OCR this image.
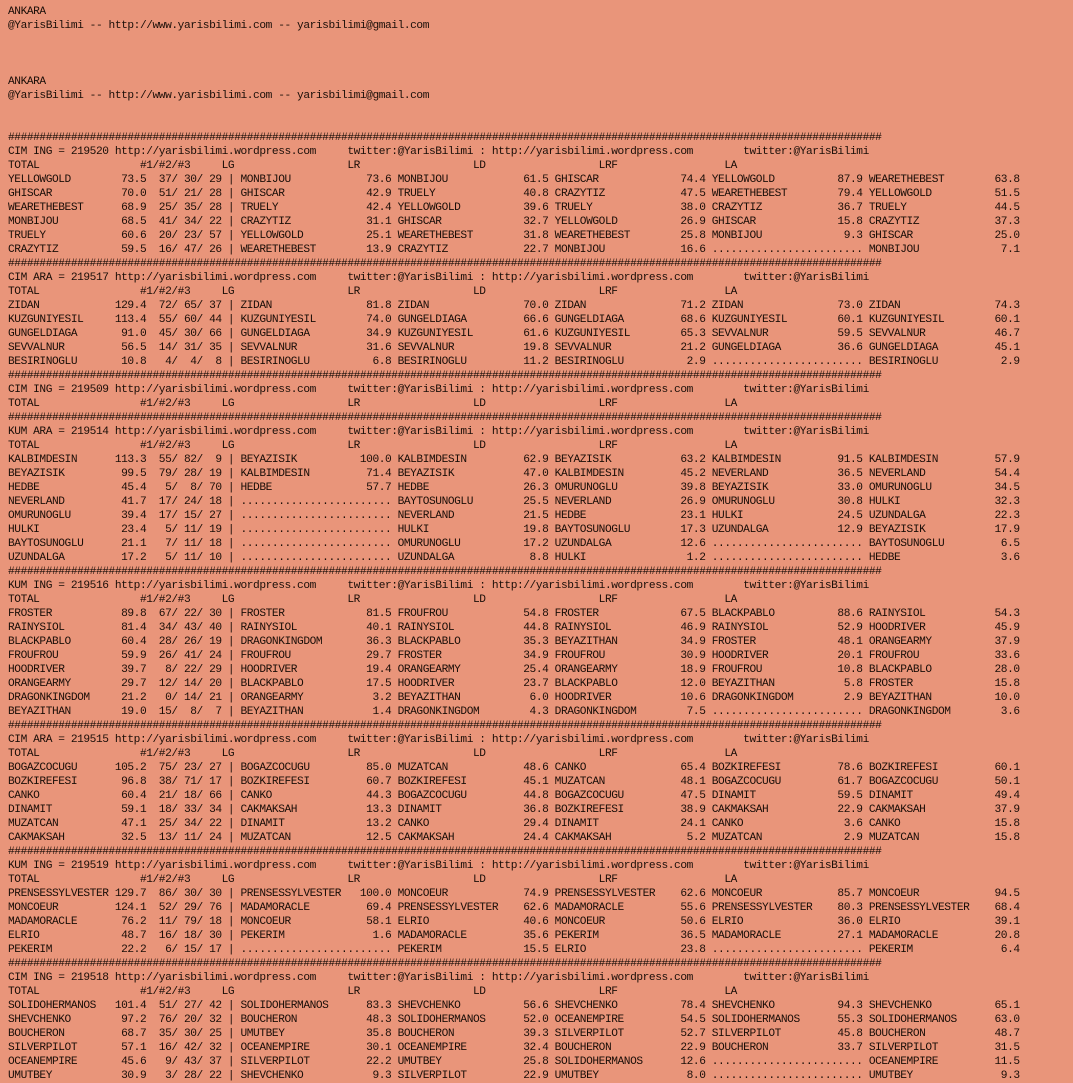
ANKARA
@YarisBilimi -- http://www.yarisbilimi.com -- yarisbilimi@gmail.com
ANKARA
@YarisBilimi -- http://www.yarisbilimi.com -- yarisbilimi@gmail.com
###########################################################################################################################################
CIM ING = 219520 http://yarisbilimi.wordpress.com     twitter:@YarisBilimi : http://yarisbilimi.wordpress.com        twitter:@YarisBilimi
TOTAL                #1/#2/#3     LG                  LR                  LD                  LRF                 LA
YELLOWGOLD        73.5  37/ 30/ 29 | MONBIJOU            73.6 MONBIJOU            61.5 GHISCAR             74.4 YELLOWGOLD          87.9 WEARETHEBEST        63.8
GHISCAR           70.0  51/ 21/ 28 | GHISCAR             42.9 TRUELY              40.8 CRAZYTIZ            47.5 WEARETHEBEST        79.4 YELLOWGOLD          51.5
WEARETHEBEST      68.9  25/ 35/ 28 | TRUELY              42.4 YELLOWGOLD          39.6 TRUELY              38.0 CRAZYTIZ            36.7 TRUELY              44.5
MONBIJOU          68.5  41/ 34/ 22 | CRAZYTIZ            31.1 GHISCAR             32.7 YELLOWGOLD          26.9 GHISCAR             15.8 CRAZYTIZ            37.3
TRUELY            60.6  20/ 23/ 57 | YELLOWGOLD          25.1 WEARETHEBEST        31.8 WEARETHEBEST        25.8 MONBIJOU             9.3 GHISCAR             25.0
CRAZYTIZ          59.5  16/ 47/ 26 | WEARETHEBEST        13.9 CRAZYTIZ            22.7 MONBIJOU            16.6 ........................ MONBIJOU             7.1
###########################################################################################################################################
CIM ARA = 219517 http://yarisbilimi.wordpress.com     twitter:@YarisBilimi : http://yarisbilimi.wordpress.com        twitter:@YarisBilimi
TOTAL                #1/#2/#3     LG                  LR                  LD                  LRF                 LA
ZIDAN            129.4  72/ 65/ 37 | ZIDAN               81.8 ZIDAN               70.0 ZIDAN               71.2 ZIDAN               73.0 ZIDAN               74.3
KUZGUNIYESIL     113.4  55/ 60/ 44 | KUZGUNIYESIL        74.0 GUNGELDIAGA         66.6 GUNGELDIAGA         68.6 KUZGUNIYESIL        60.1 KUZGUNIYESIL        60.1
GUNGELDIAGA       91.0  45/ 30/ 66 | GUNGELDIAGA         34.9 KUZGUNIYESIL        61.6 KUZGUNIYESIL        65.3 SEVVALNUR           59.5 SEVVALNUR           46.7
SEVVALNUR         56.5  14/ 31/ 35 | SEVVALNUR           31.6 SEVVALNUR           19.8 SEVVALNUR           21.2 GUNGELDIAGA         36.6 GUNGELDIAGA         45.1
BESIRINOGLU       10.8   4/  4/  8 | BESIRINOGLU          6.8 BESIRINOGLU         11.2 BESIRINOGLU          2.9 ........................ BESIRINOGLU          2.9
###########################################################################################################################################
CIM ING = 219509 http://yarisbilimi.wordpress.com     twitter:@YarisBilimi : http://yarisbilimi.wordpress.com        twitter:@YarisBilimi
TOTAL                #1/#2/#3     LG                  LR                  LD                  LRF                 LA
###########################################################################################################################################
KUM ARA = 219514 http://yarisbilimi.wordpress.com     twitter:@YarisBilimi : http://yarisbilimi.wordpress.com        twitter:@YarisBilimi
TOTAL                #1/#2/#3     LG                  LR                  LD                  LRF                 LA
KALBIMDESIN      113.3  55/ 82/  9 | BEYAZISIK          100.0 KALBIMDESIN         62.9 BEYAZISIK           63.2 KALBIMDESIN         91.5 KALBIMDESIN         57.9
BEYAZISIK         99.5  79/ 28/ 19 | KALBIMDESIN         71.4 BEYAZISIK           47.0 KALBIMDESIN         45.2 NEVERLAND           36.5 NEVERLAND           54.4
HEDBE             45.4   5/  8/ 70 | HEDBE               57.7 HEDBE               26.3 OMURUNOGLU          39.8 BEYAZISIK           33.0 OMURUNOGLU          34.5
NEVERLAND         41.7  17/ 24/ 18 | ........................ BAYTOSUNOGLU        25.5 NEVERLAND           26.9 OMURUNOGLU          30.8 HULKI               32.3
OMURUNOGLU        39.4  17/ 15/ 27 | ........................ NEVERLAND           21.5 HEDBE               23.1 HULKI               24.5 UZUNDALGA           22.3
HULKI             23.4   5/ 11/ 19 | ........................ HULKI               19.8 BAYTOSUNOGLU        17.3 UZUNDALGA           12.9 BEYAZISIK           17.9
BAYTOSUNOGLU      21.1   7/ 11/ 18 | ........................ OMURUNOGLU          17.2 UZUNDALGA           12.6 ........................ BAYTOSUNOGLU         6.5
UZUNDALGA         17.2   5/ 11/ 10 | ........................ UZUNDALGA            8.8 HULKI                1.2 ........................ HEDBE                3.6
###########################################################################################################################################
KUM ING = 219516 http://yarisbilimi.wordpress.com     twitter:@YarisBilimi : http://yarisbilimi.wordpress.com        twitter:@YarisBilimi
TOTAL                #1/#2/#3     LG                  LR                  LD                  LRF                 LA
FROSTER           89.8  67/ 22/ 30 | FROSTER             81.5 FROUFROU            54.8 FROSTER             67.5 BLACKPABLO          88.6 RAINYSIOL           54.3
RAINYSIOL         81.4  34/ 43/ 40 | RAINYSIOL           40.1 RAINYSIOL           44.8 RAINYSIOL           46.9 RAINYSIOL           52.9 HOODRIVER           45.9
BLACKPABLO        60.4  28/ 26/ 19 | DRAGONKINGDOM       36.3 BLACKPABLO          35.3 BEYAZITHAN          34.9 FROSTER             48.1 ORANGEARMY          37.9
FROUFROU          59.9  26/ 41/ 24 | FROUFROU            29.7 FROSTER             34.9 FROUFROU            30.9 HOODRIVER           20.1 FROUFROU            33.6
HOODRIVER         39.7   8/ 22/ 29 | HOODRIVER           19.4 ORANGEARMY          25.4 ORANGEARMY          18.9 FROUFROU            10.8 BLACKPABLO          28.0
ORANGEARMY        29.7  12/ 14/ 20 | BLACKPABLO          17.5 HOODRIVER           23.7 BLACKPABLO          12.0 BEYAZITHAN           5.8 FROSTER             15.8
DRAGONKINGDOM     21.2   0/ 14/ 21 | ORANGEARMY           3.2 BEYAZITHAN           6.0 HOODRIVER           10.6 DRAGONKINGDOM        2.9 BEYAZITHAN          10.0
BEYAZITHAN        19.0  15/  8/  7 | BEYAZITHAN           1.4 DRAGONKINGDOM        4.3 DRAGONKINGDOM        7.5 ........................ DRAGONKINGDOM        3.6
###########################################################################################################################################
CIM ARA = 219515 http://yarisbilimi.wordpress.com     twitter:@YarisBilimi : http://yarisbilimi.wordpress.com        twitter:@YarisBilimi
TOTAL                #1/#2/#3     LG                  LR                  LD                  LRF                 LA
BOGAZCOCUGU      105.2  75/ 23/ 27 | BOGAZCOCUGU         85.0 MUZATCAN            48.6 CANKO               65.4 BOZKIREFESI         78.6 BOZKIREFESI         60.1
BOZKIREFESI       96.8  38/ 71/ 17 | BOZKIREFESI         60.7 BOZKIREFESI         45.1 MUZATCAN            48.1 BOGAZCOCUGU         61.7 BOGAZCOCUGU         50.1
CANKO             60.4  21/ 18/ 66 | CANKO               44.3 BOGAZCOCUGU         44.8 BOGAZCOCUGU         47.5 DINAMIT             59.5 DINAMIT             49.4
DINAMIT           59.1  18/ 33/ 34 | CAKMAKSAH           13.3 DINAMIT             36.8 BOZKIREFESI         38.9 CAKMAKSAH           22.9 CAKMAKSAH           37.9
MUZATCAN          47.1  25/ 34/ 22 | DINAMIT             13.2 CANKO               29.4 DINAMIT             24.1 CANKO                3.6 CANKO               15.8
CAKMAKSAH         32.5  13/ 11/ 24 | MUZATCAN            12.5 CAKMAKSAH           24.4 CAKMAKSAH            5.2 MUZATCAN             2.9 MUZATCAN            15.8
###########################################################################################################################################
KUM ING = 219519 http://yarisbilimi.wordpress.com     twitter:@YarisBilimi : http://yarisbilimi.wordpress.com        twitter:@YarisBilimi
TOTAL                #1/#2/#3     LG                  LR                  LD                  LRF                 LA
PRENSESSYLVESTER 129.7  86/ 30/ 30 | PRENSESSYLVESTER   100.0 MONCOEUR            74.9 PRENSESSYLVESTER    62.6 MONCOEUR            85.7 MONCOEUR            94.5
MONCOEUR         124.1  52/ 29/ 76 | MADAMORACLE         69.4 PRENSESSYLVESTER    62.6 MADAMORACLE         55.6 PRENSESSYLVESTER    80.3 PRENSESSYLVESTER    68.4
MADAMORACLE       76.2  11/ 79/ 18 | MONCOEUR            58.1 ELRIO               40.6 MONCOEUR            50.6 ELRIO               36.0 ELRIO               39.1
ELRIO             48.7  16/ 18/ 30 | PEKERIM              1.6 MADAMORACLE         35.6 PEKERIM             36.5 MADAMORACLE         27.1 MADAMORACLE         20.8
PEKERIM           22.2   6/ 15/ 17 | ........................ PEKERIM             15.5 ELRIO               23.8 ........................ PEKERIM              6.4
###########################################################################################################################################
CIM ING = 219518 http://yarisbilimi.wordpress.com     twitter:@YarisBilimi : http://yarisbilimi.wordpress.com        twitter:@YarisBilimi
TOTAL                #1/#2/#3     LG                  LR                  LD                  LRF                 LA
SOLIDOHERMANOS   101.4  51/ 27/ 42 | SOLIDOHERMANOS      83.3 SHEVCHENKO          56.6 SHEVCHENKO          78.4 SHEVCHENKO          94.3 SHEVCHENKO          65.1
SHEVCHENKO        97.2  76/ 20/ 32 | BOUCHERON           48.3 SOLIDOHERMANOS      52.0 OCEANEMPIRE         54.5 SOLIDOHERMANOS      55.3 SOLIDOHERMANOS      63.0
BOUCHERON         68.7  35/ 30/ 25 | UMUTBEY             35.8 BOUCHERON           39.3 SILVERPILOT         52.7 SILVERPILOT         45.8 BOUCHERON           48.7
SILVERPILOT       57.1  16/ 42/ 32 | OCEANEMPIRE         30.1 OCEANEMPIRE         32.4 BOUCHERON           22.9 BOUCHERON           33.7 SILVERPILOT         31.5
OCEANEMPIRE       45.6   9/ 43/ 37 | SILVERPILOT         22.2 UMUTBEY             25.8 SOLIDOHERMANOS      12.6 ........................ OCEANEMPIRE         11.5
UMUTBEY           30.9   3/ 28/ 22 | SHEVCHENKO           9.3 SILVERPILOT         22.9 UMUTBEY              8.0 ........................ UMUTBEY              9.3
